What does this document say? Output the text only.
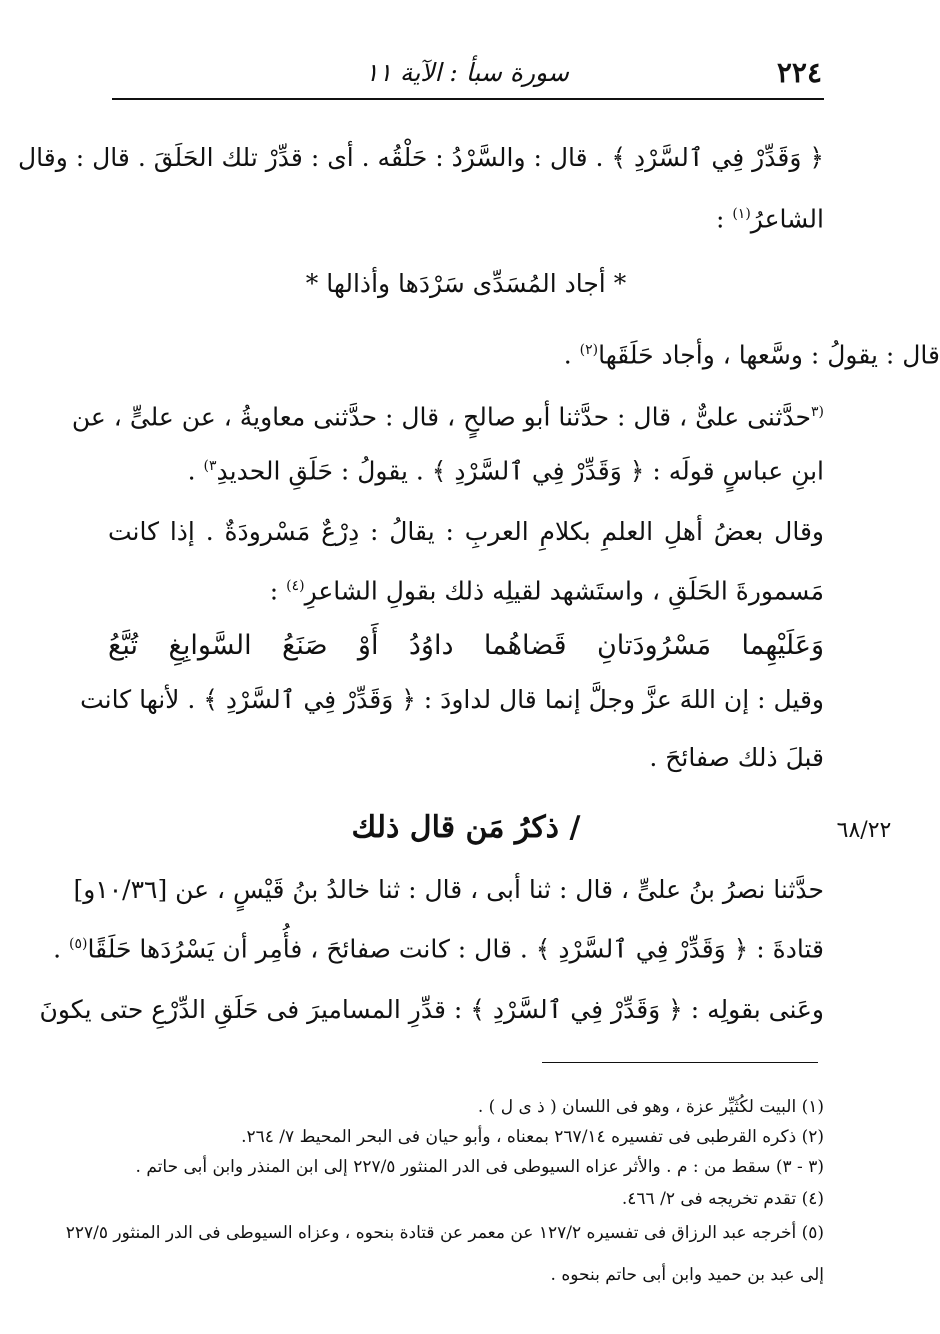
٢٢٤
سورة سبأ : الآية ١١
﴿ وَقَدِّرْ فِي ٱلسَّرْدِ ﴾ . قال : والسَّرْدُ : حَلْقُه . أى : قدِّرْ تلك الحَلَقَ . قال : وقال
الشاعرُ$^{(١)}$ :
* أجاد المُسَدِّى سَرْدَها وأذالها *
قال : يقولُ : وسَّعها ، وأجاد حَلَقَها$^{(٢)}$ .
$^{(٣}$حدَّثنى علىٌّ ، قال : حدَّثنا أبو صالحٍ ، قال : حدَّثنى معاويةُ ، عن علىٍّ ، عن
ابنِ عباسٍ قولَه : ﴿ وَقَدِّرْ فِي ٱلسَّرْدِ ﴾ . يقولُ : حَلَقِ الحديدِ$^{٣)}$ .
وقال بعضُ أهلِ العلمِ بكلامِ العربِ : يقالُ : دِرْعٌ مَسْرودَةٌ . إذا كانت
مَسمورةَ الحَلَقِ ، واستَشهد لقيلِه ذلك بقولِ الشاعرِ$^{(٤)}$ :
وَعَلَيْهِما مَسْرُودَتانِ قَضاهُما داوُدُ أَوْ صَنَعُ السَّوابِغِ تُبَّعُ
وقيل : إن اللهَ عزَّ وجلَّ إنما قال لداودَ : ﴿ وَقَدِّرْ فِي ٱلسَّرْدِ ﴾ . لأنها كانت
قبلَ ذلك صفائحَ .
/ ذكرُ مَن قال ذلك	٦٨/٢٢
حدَّثنا نصرُ بنُ علىٍّ ، قال : ثنا أبى ، قال : ثنا خالدُ بنُ قَيْسٍ ، عن [١٠/٣٦و]
قتادةَ : ﴿ وَقَدِّرْ فِي ٱلسَّرْدِ ﴾ . قال : كانت صفائحَ ، فأُمِر أن يَسْرُدَها حَلَقًا$^{(٥)}$ .
وعَنى بقولِه : ﴿ وَقَدِّرْ فِي ٱلسَّرْدِ ﴾ : قدِّرِ المساميرَ فى حَلَقِ الدِّرْعِ حتى يكونَ
(١) البيت لكُثَيِّر عزة ، وهو فى اللسان ( ذ ى ل ) .
(٢) ذكره القرطبى فى تفسيره ٢٦٧/١٤ بمعناه ، وأبو حيان فى البحر المحيط ٧/ ٢٦٤.
(٣ - ٣) سقط من : م . والأثر عزاه السيوطى فى الدر المنثور ٢٢٧/٥ إلى ابن المنذر وابن أبى حاتم .
(٤) تقدم تخريجه فى ٢/ ٤٦٦.
(٥) أخرجه عبد الرزاق فى تفسيره ١٢٧/٢ عن معمر عن قتادة بنحوه ، وعزاه السيوطى فى الدر المنثور ٢٢٧/٥
إلى عبد بن حميد وابن أبى حاتم بنحوه .
